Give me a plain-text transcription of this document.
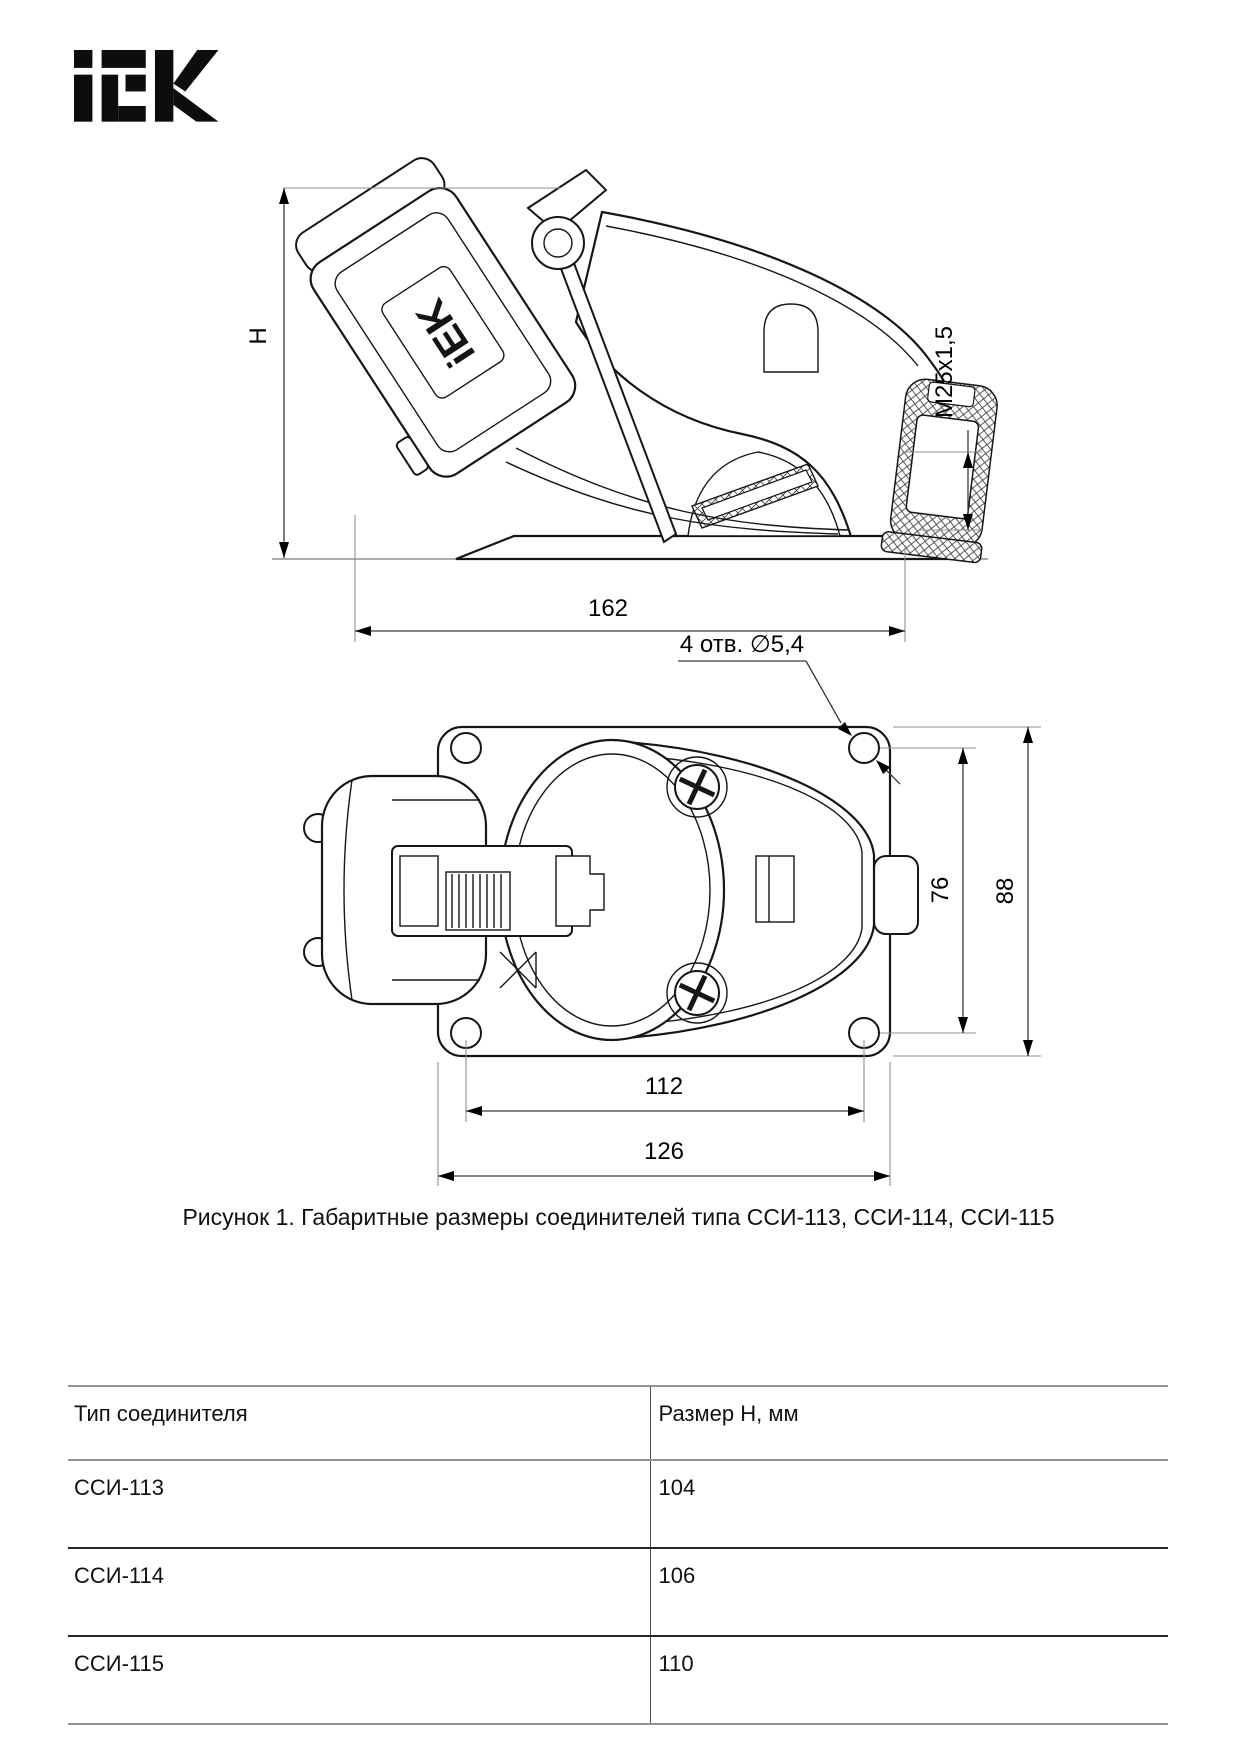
iEK
H
162
M25x1,5
4 отв. ∅5,4
76 88
112
126
Рисунок 1. Габаритные размеры соединителей типа ССИ-113, ССИ-114, ССИ-115
Тип соединителя	Размер H, мм
ССИ-113	104
ССИ-114	106
ССИ-115	110
